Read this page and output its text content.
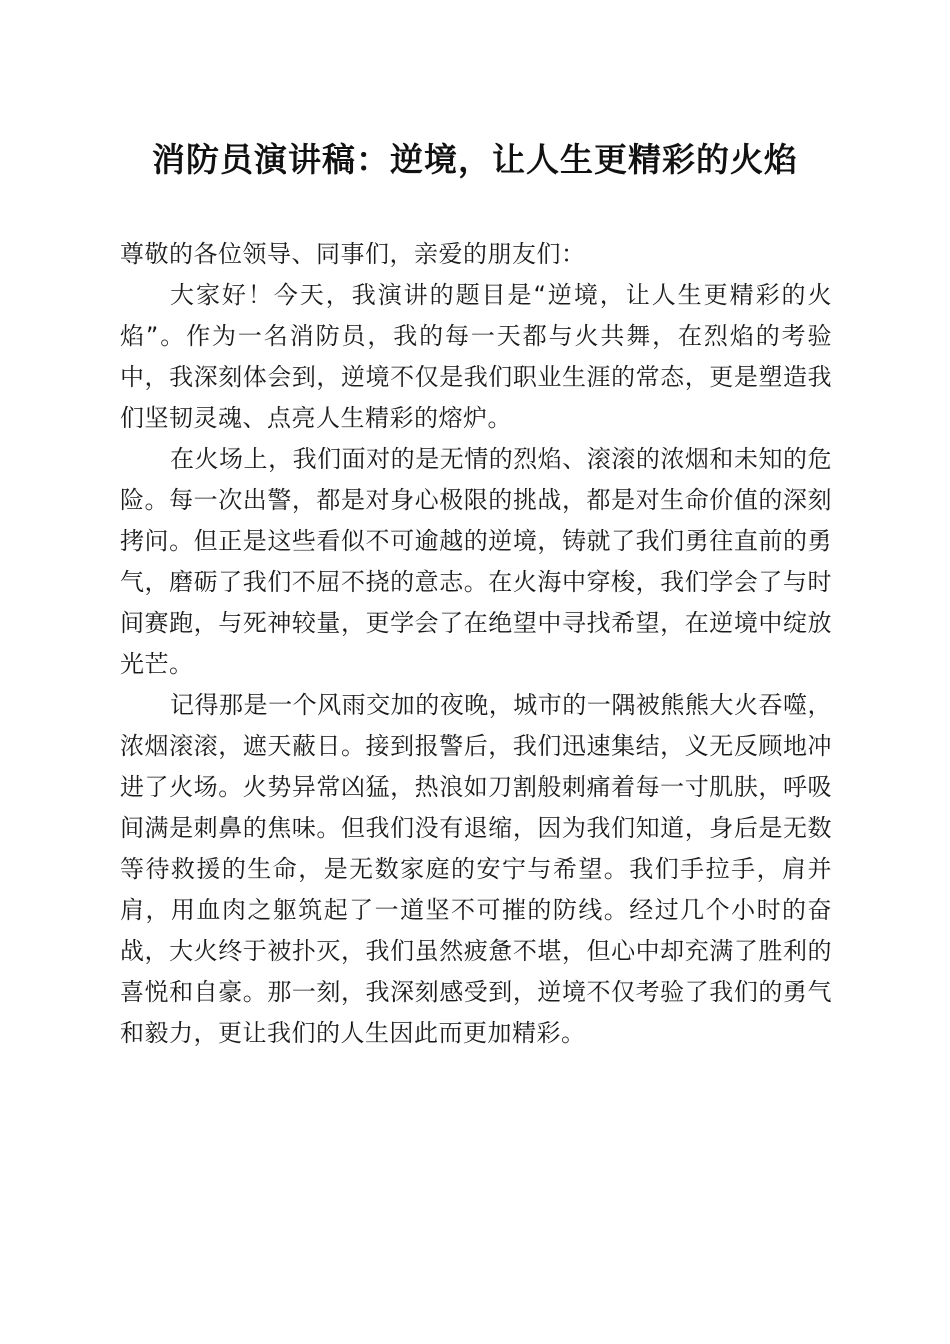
消防员演讲稿：逆境，让人生更精彩的火焰

尊敬的各位领导、同事们，亲爱的朋友们：

大家好！今天，我演讲的题目是“逆境，让人生更精彩的火焰”。作为一名消防员，我的每一天都与火共舞，在烈焰的考验中，我深刻体会到，逆境不仅是我们职业生涯的常态，更是塑造我们坚韧灵魂、点亮人生精彩的熔炉。

在火场上，我们面对的是无情的烈焰、滚滚的浓烟和未知的危险。每一次出警，都是对身心极限的挑战，都是对生命价值的深刻拷问。但正是这些看似不可逾越的逆境，铸就了我们勇往直前的勇气，磨砺了我们不屈不挠的意志。在火海中穿梭，我们学会了与时间赛跑，与死神较量，更学会了在绝望中寻找希望，在逆境中绽放光芒。

记得那是一个风雨交加的夜晚，城市的一隅被熊熊大火吞噬，浓烟滚滚，遮天蔽日。接到报警后，我们迅速集结，义无反顾地冲进了火场。火势异常凶猛，热浪如刀割般刺痛着每一寸肌肤，呼吸间满是刺鼻的焦味。但我们没有退缩，因为我们知道，身后是无数等待救援的生命，是无数家庭的安宁与希望。我们手拉手，肩并肩，用血肉之躯筑起了一道坚不可摧的防线。经过几个小时的奋战，大火终于被扑灭，我们虽然疲惫不堪，但心中却充满了胜利的喜悦和自豪。那一刻，我深刻感受到，逆境不仅考验了我们的勇气和毅力，更让我们的人生因此而更加精彩。
